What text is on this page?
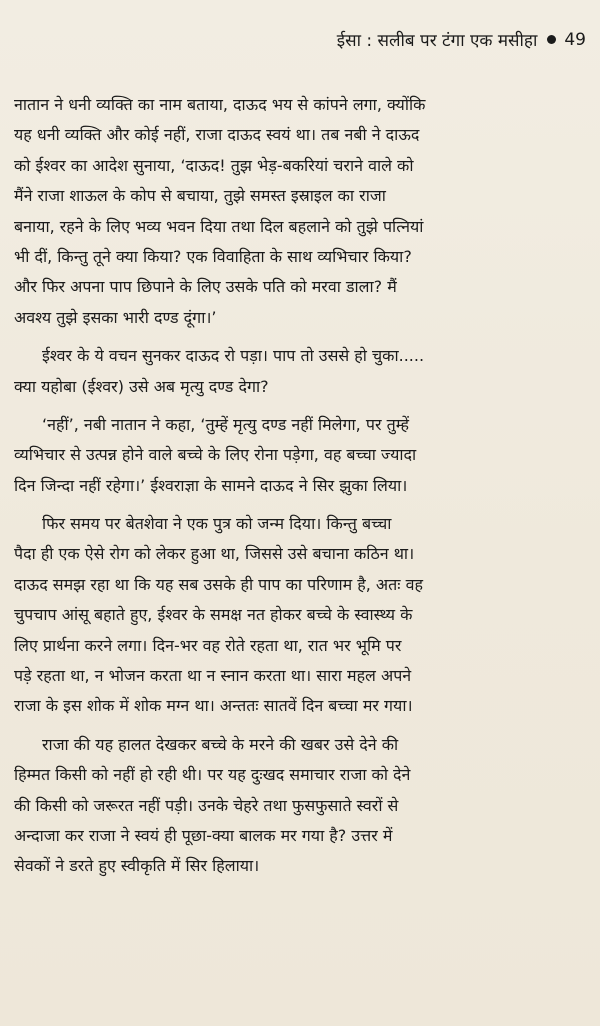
ईसा : सलीब पर टंगा एक मसीहा 49
नातान ने धनी व्यक्ति का नाम बताया, दाऊद भय से कांपने लगा, क्योंकि
यह धनी व्यक्ति और कोई नहीं, राजा दाऊद स्वयं था। तब नबी ने दाऊद
को ईश्वर का आदेश सुनाया, ‘दाऊद! तुझ भेड़-बकरियां चराने वाले को
मैंने राजा शाऊल के कोप से बचाया, तुझे समस्त इस्राइल का राजा
बनाया, रहने के लिए भव्य भवन दिया तथा दिल बहलाने को तुझे पत्नियां
भी दीं, किन्तु तूने क्या किया? एक विवाहिता के साथ व्यभिचार किया?
और फिर अपना पाप छिपाने के लिए उसके पति को मरवा डाला? मैं
अवश्य तुझे इसका भारी दण्ड दूंगा।’
ईश्वर के ये वचन सुनकर दाऊद रो पड़ा। पाप तो उससे हो चुका.....
क्या यहोबा (ईश्वर) उसे अब मृत्यु दण्ड देगा?
‘नहीं’, नबी नातान ने कहा, ‘तुम्हें मृत्यु दण्ड नहीं मिलेगा, पर तुम्हें
व्यभिचार से उत्पन्न होने वाले बच्चे के लिए रोना पड़ेगा, वह बच्चा ज्यादा
दिन जिन्दा नहीं रहेगा।’ ईश्वराज्ञा के सामने दाऊद ने सिर झुका लिया।
फिर समय पर बेतशेवा ने एक पुत्र को जन्म दिया। किन्तु बच्चा
पैदा ही एक ऐसे रोग को लेकर हुआ था, जिससे उसे बचाना कठिन था।
दाऊद समझ रहा था कि यह सब उसके ही पाप का परिणाम है, अतः वह
चुपचाप आंसू बहाते हुए, ईश्वर के समक्ष नत होकर बच्चे के स्वास्थ्य के
लिए प्रार्थना करने लगा। दिन-भर वह रोते रहता था, रात भर भूमि पर
पड़े रहता था, न भोजन करता था न स्नान करता था। सारा महल अपने
राजा के इस शोक में शोक मग्न था। अन्ततः सातवें दिन बच्चा मर गया।
राजा की यह हालत देखकर बच्चे के मरने की खबर उसे देने की
हिम्मत किसी को नहीं हो रही थी। पर यह दुःखद समाचार राजा को देने
की किसी को जरूरत नहीं पड़ी। उनके चेहरे तथा फुसफुसाते स्वरों से
अन्दाजा कर राजा ने स्वयं ही पूछा-क्या बालक मर गया है? उत्तर में
सेवकों ने डरते हुए स्वीकृति में सिर हिलाया।
